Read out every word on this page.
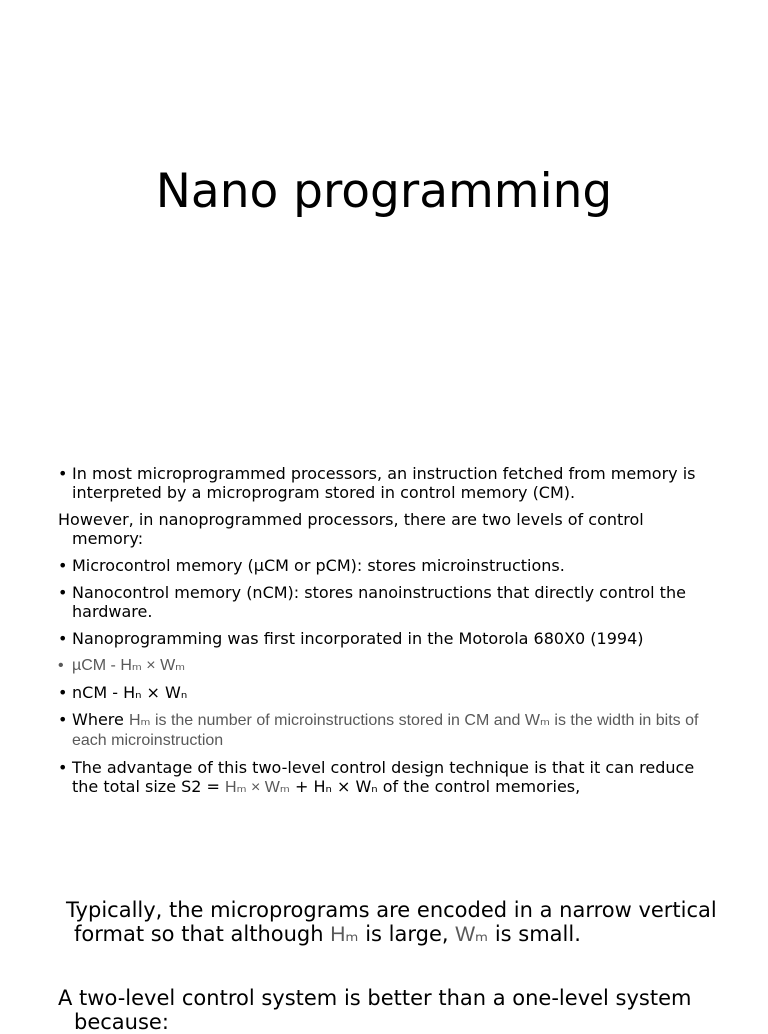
Nano programming
• In most microprogrammed processors, an instruction fetched from memory is interpreted by a microprogram stored in control memory (CM).
However, in nanoprogrammed processors, there are two levels of control memory:
• Microcontrol memory (µCM or pCM): stores microinstructions.
• Nanocontrol memory (nCM): stores nanoinstructions that directly control the hardware.
• Nanoprogramming was first incorporated in the Motorola 680X0 (1994)
• µCM - Hₘ × Wₘ
• nCM - Hₙ × Wₙ
• Where Hₘ is the number of microinstructions stored in CM and Wₘ is the width in bits of each microinstruction
• The advantage of this two-level control design technique is that it can reduce the total size S2 = Hₘ × Wₘ + Hₙ × Wₙ of the control memories,
Typically, the microprograms are encoded in a narrow vertical format so that although Hₘ is large, Wₘ is small.
A two-level control system is better than a one-level system because:
